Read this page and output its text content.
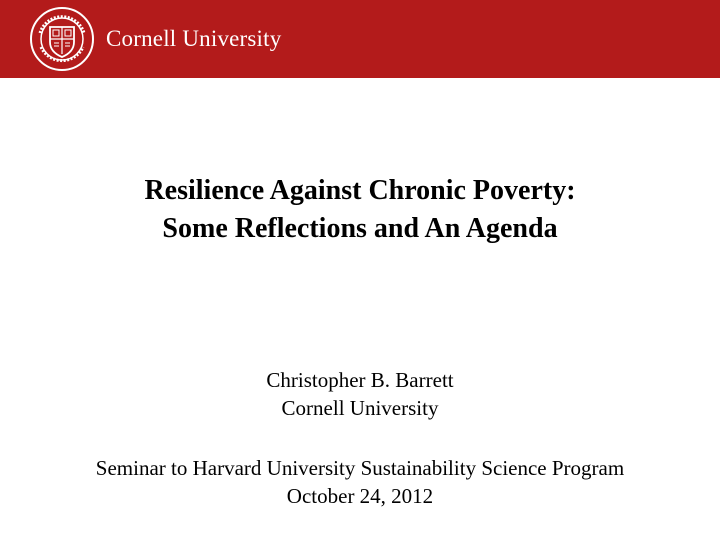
Cornell University
Resilience Against Chronic Poverty:
Some Reflections and An Agenda
Christopher B. Barrett
Cornell University
Seminar to Harvard University Sustainability Science Program
October 24, 2012
